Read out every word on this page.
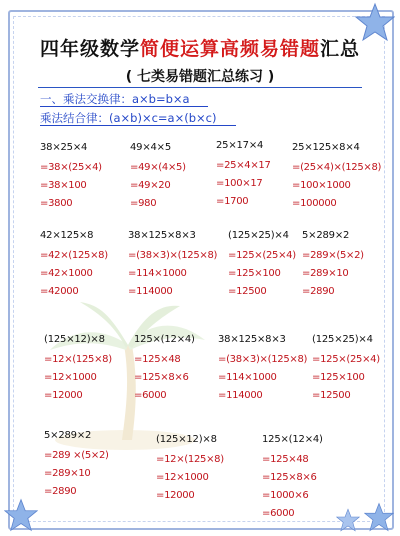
四年级数学简便运算高频易错题汇总
( 七类易错题汇总练习 )
一、乘法交换律：a×b=b×a
乘法结合律：(a×b)×c=a×(b×c)
38×25×4
=38×(25×4)
=38×100
=3800
49×4×5
=49×(4×5)
=49×20
=980
25×17×4
=25×4×17
=100×17
=1700
25×125×8×4
=(25×4)×(125×8)
=100×1000
=100000
42×125×8
=42×(125×8)
=42×1000
=42000
38×125×8×3
=(38×3)×(125×8)
=114×1000
=114000
(125×25)×4
=125×(25×4)
=125×100
=12500
5×289×2
=289×(5×2)
=289×10
=2890
(125×12)×8
=12×(125×8)
=12×1000
=12000
125×(12×4)
=125×48
=125×8×6
=6000
38×125×8×3
=(38×3)×(125×8)
=114×1000
=114000
(125×25)×4
=125×(25×4)
=125×100
=12500
5×289×2
=289 ×(5×2)
=289×10
=2890
(125×12)×8
=12×(125×8)
=12×1000
=12000
125×(12×4)
=125×48
=125×8×6
=1000×6
=6000
